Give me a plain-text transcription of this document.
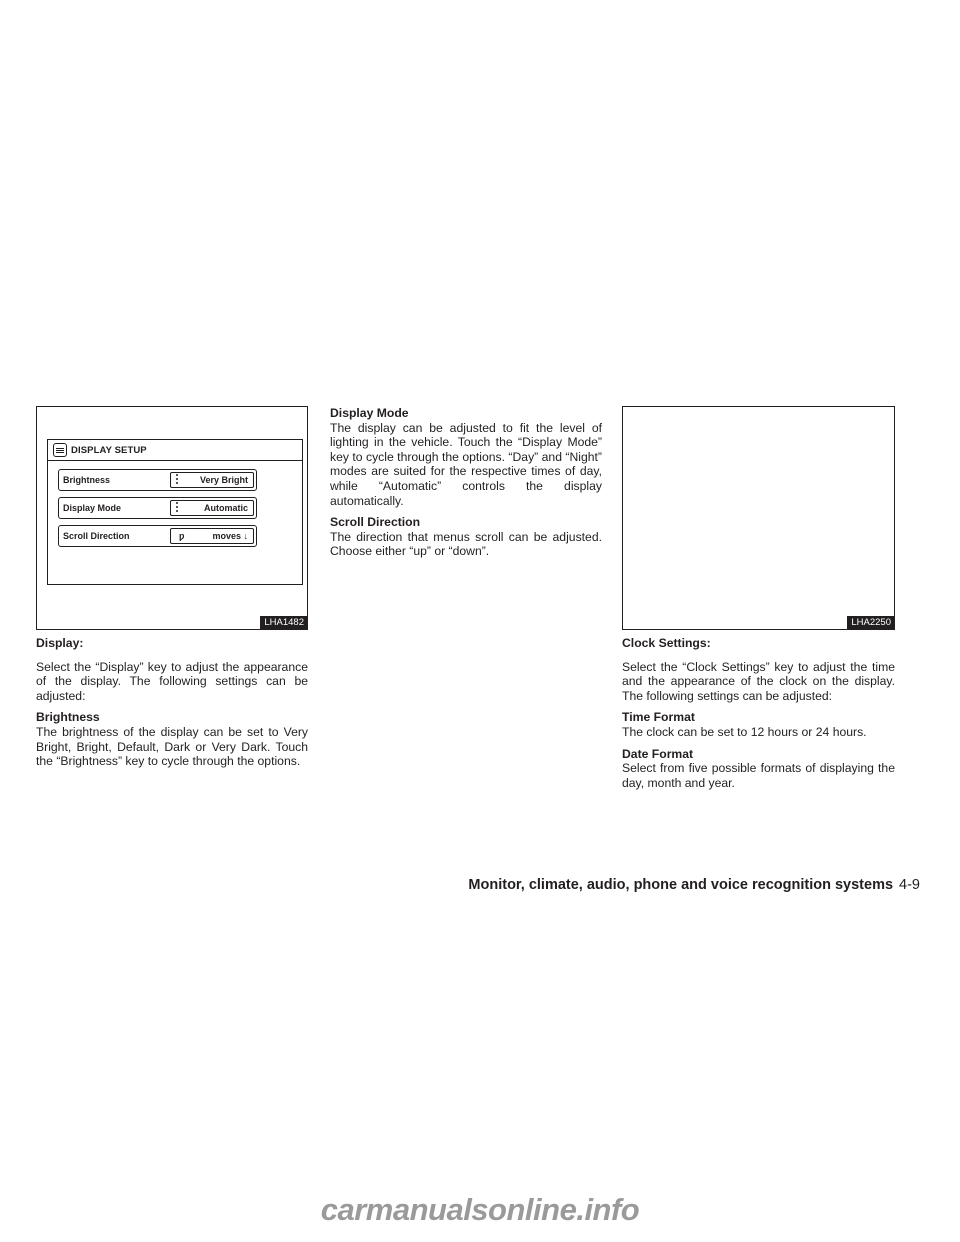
DISPLAY SETUP
Brightness	Very Bright
Display Mode	Automatic
Scroll Direction	ƿ	moves ↓
LHA1482	LHA2250
Display:

Select the “Display” key to adjust the appearance of the display. The following settings can be adjusted:

Brightness

The brightness of the display can be set to Very Bright, Bright, Default, Dark or Very Dark. Touch the “Brightness” key to cycle through the options.

Display Mode

The display can be adjusted to fit the level of lighting in the vehicle. Touch the “Display Mode” key to cycle through the options. “Day” and “Night” modes are suited for the respective times of day, while “Automatic” controls the display automatically.

Scroll Direction

The direction that menus scroll can be adjusted. Choose either “up” or “down”.

Clock Settings:

Select the “Clock Settings” key to adjust the time and the appearance of the clock on the display. The following settings can be adjusted:

Time Format

The clock can be set to 12 hours or 24 hours.

Date Format

Select from five possible formats of displaying the day, month and year.

Monitor, climate, audio, phone and voice recognition systems 4-9
carmanualsonline.info
